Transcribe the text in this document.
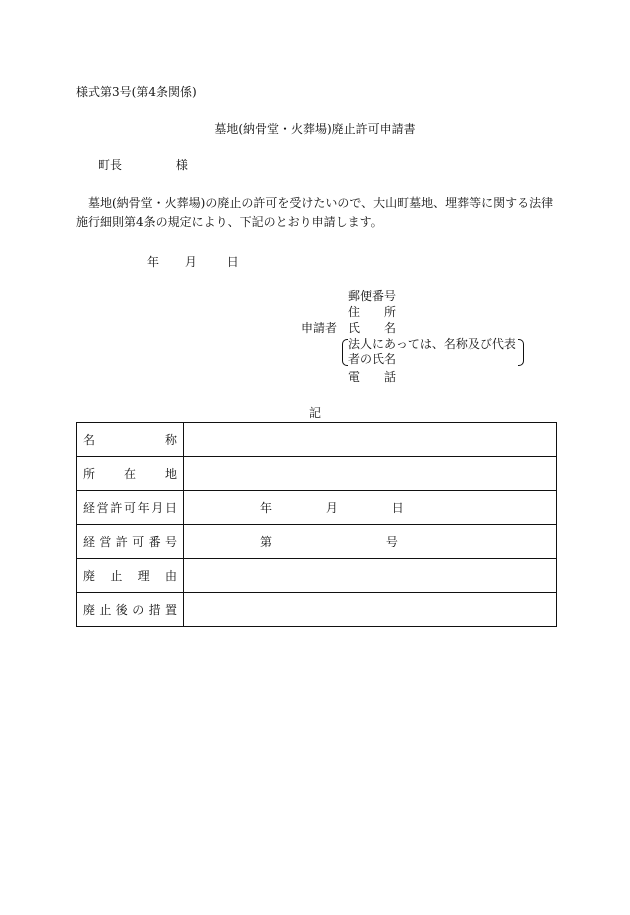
様式第3号(第4条関係)
墓地(納骨堂・火葬場)廃止許可申請書
町長	様
墓地(納骨堂・火葬場)の廃止の許可を受けたいので、大山町墓地、埋葬等に関する法律施行細則第4条の規定により、下記のとおり申請します。
年 月 日
申請者
郵便番号
住　所
氏　名
法人にあっては、名称及び代表
者の氏名
電　話
記
名　称	

所在地	

経営許可年月日	年 月 日

経営許可番号	第 号

廃止理由	

廃止後の措置	
